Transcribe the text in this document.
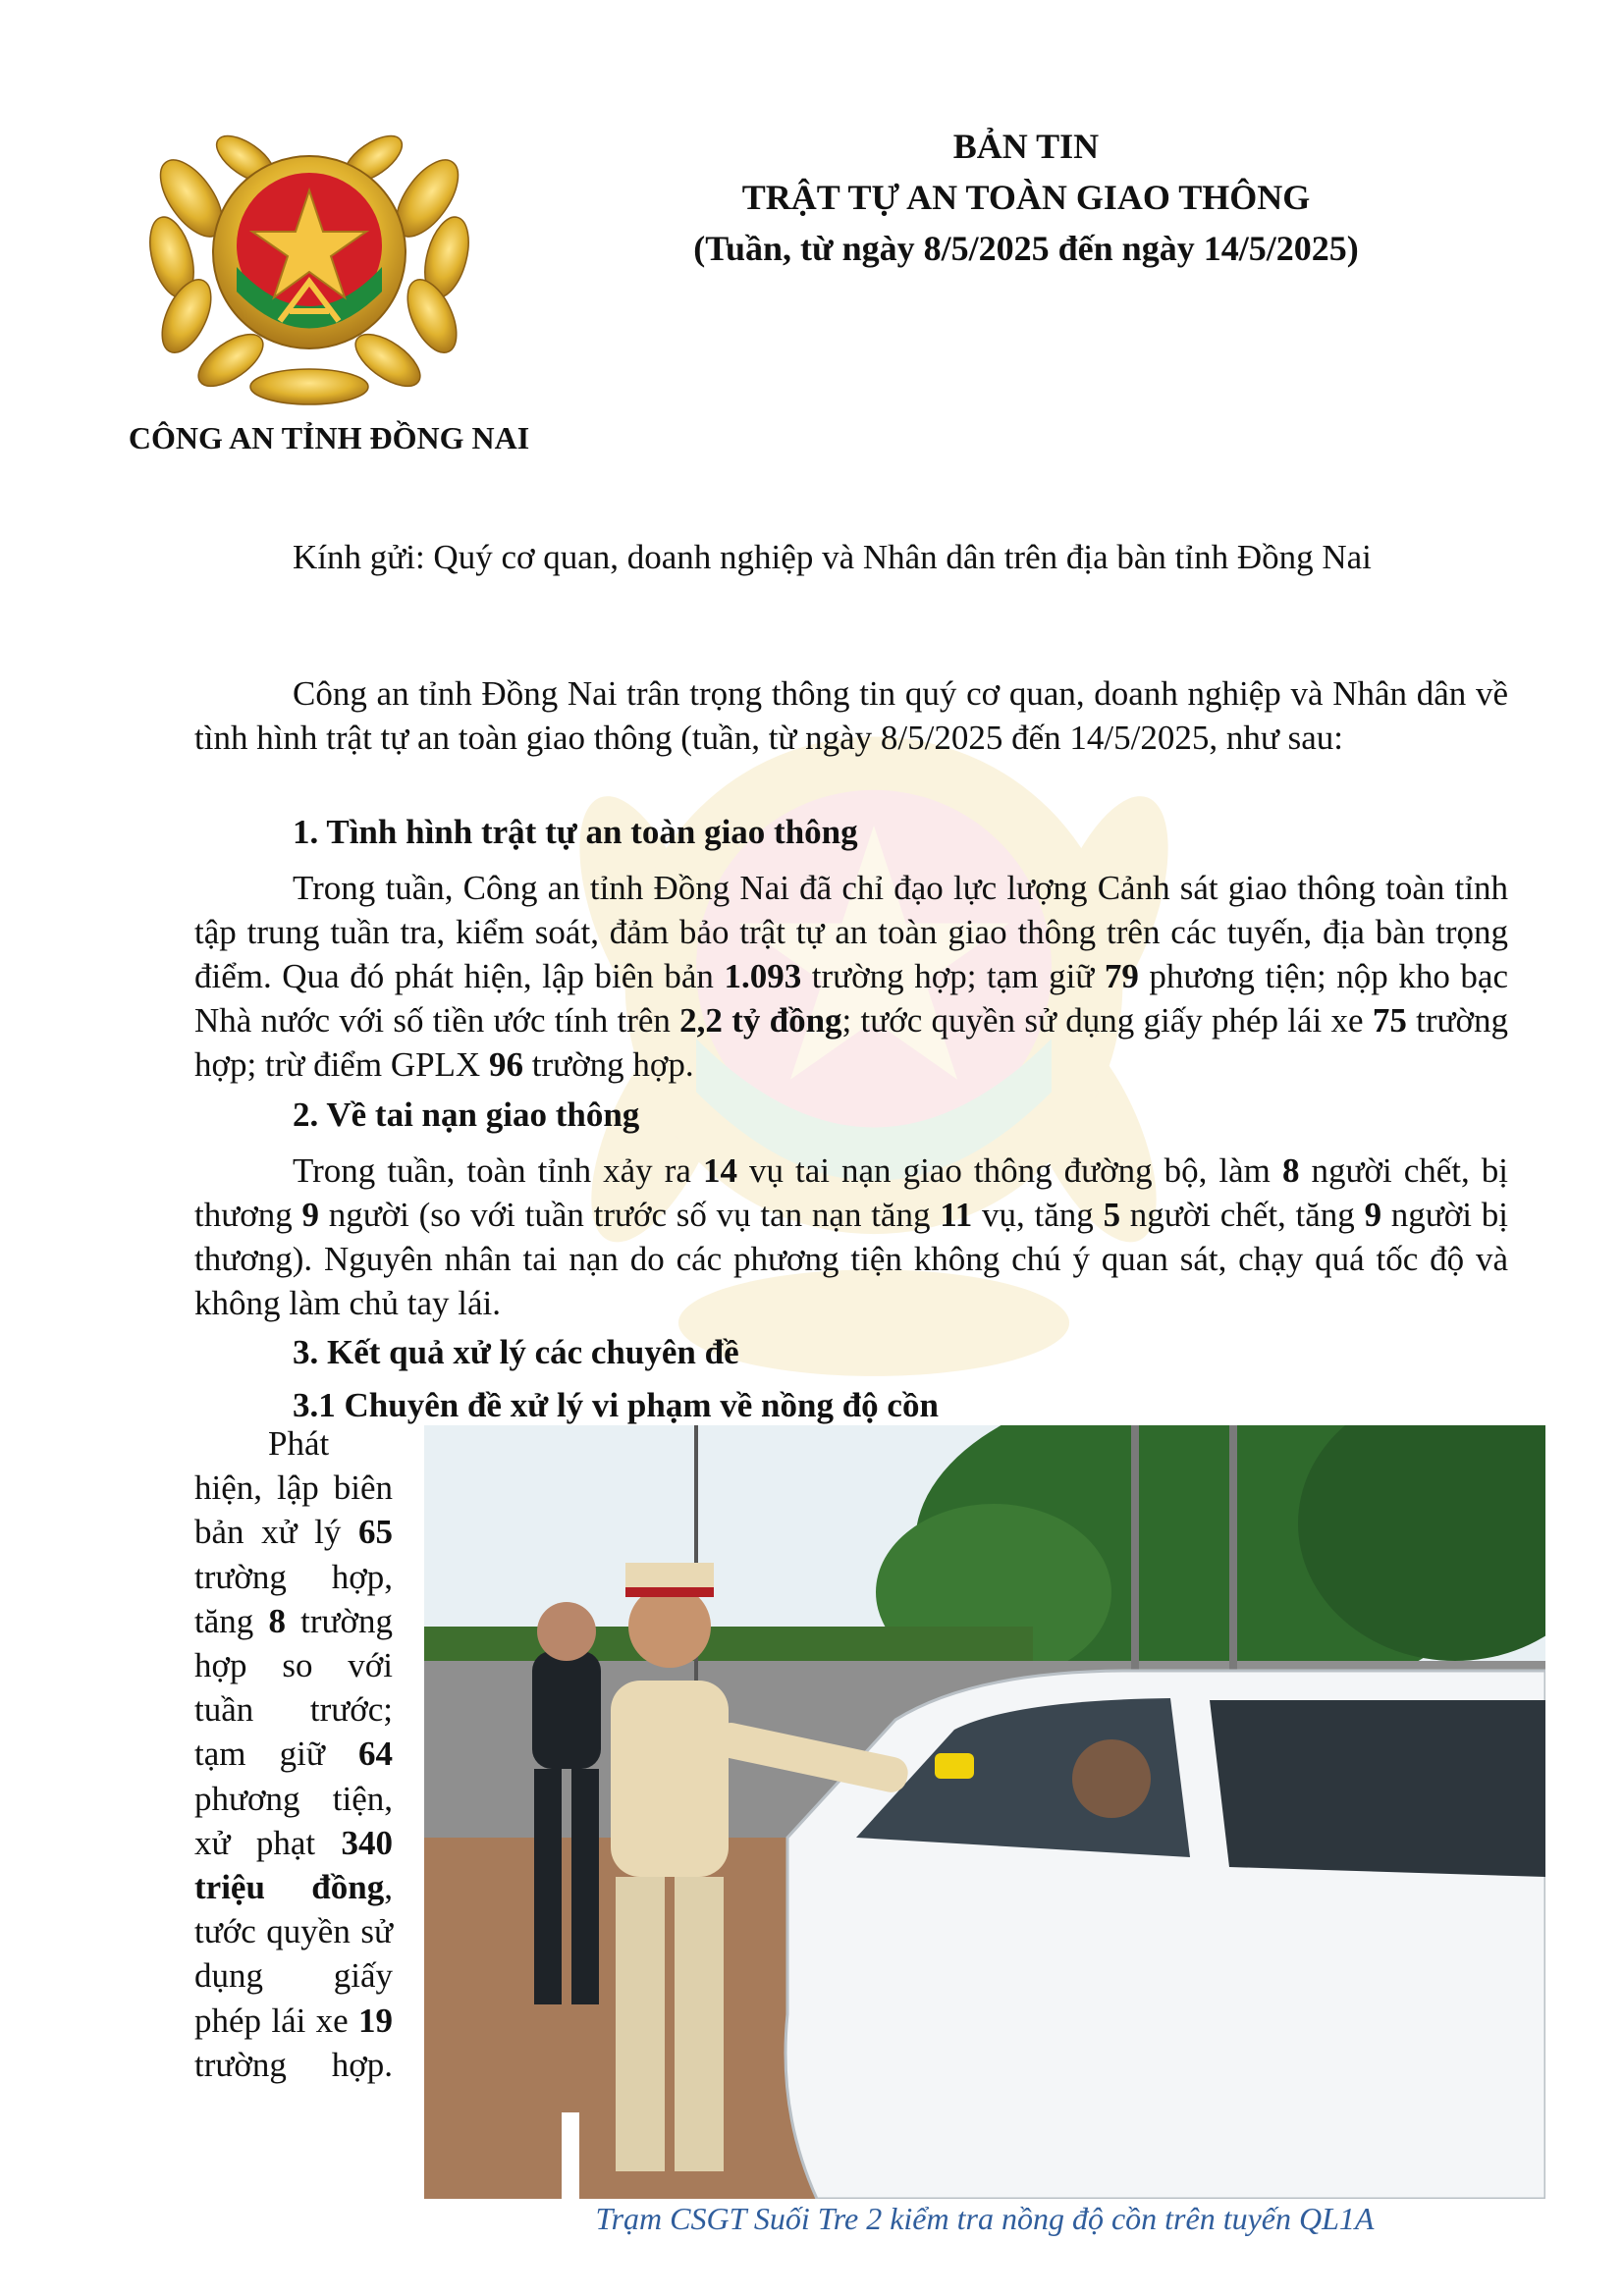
CÔNG AN TỈNH ĐỒNG NAI
BẢN TIN
TRẬT TỰ AN TOÀN GIAO THÔNG
(Tuần, từ ngày 8/5/2025 đến ngày 14/5/2025)
Kính gửi: Quý cơ quan, doanh nghiệp và Nhân dân trên địa bàn tỉnh Đồng Nai
Công an tỉnh Đồng Nai trân trọng thông tin quý cơ quan, doanh nghiệp và Nhân dân về tình hình trật tự an toàn giao thông (tuần, từ ngày 8/5/2025 đến 14/5/2025, như sau:
1. Tình hình trật tự an toàn giao thông
Trong tuần, Công an tỉnh Đồng Nai đã chỉ đạo lực lượng Cảnh sát giao thông toàn tỉnh tập trung tuần tra, kiểm soát, đảm bảo trật tự an toàn giao thông trên các tuyến, địa bàn trọng điểm. Qua đó phát hiện, lập biên bản 1.093 trường hợp; tạm giữ 79 phương tiện; nộp kho bạc Nhà nước với số tiền ước tính trên 2,2 tỷ đồng; tước quyền sử dụng giấy phép lái xe 75 trường hợp; trừ điểm GPLX 96 trường hợp.
2. Về tai nạn giao thông
Trong tuần, toàn tỉnh xảy ra 14 vụ tai nạn giao thông đường bộ, làm 8 người chết, bị thương 9 người (so với tuần trước số vụ tan nạn tăng 11 vụ, tăng 5 người chết, tăng 9 người bị thương). Nguyên nhân tai nạn do các phương tiện không chú ý quan sát, chạy quá tốc độ và không làm chủ tay lái.
3. Kết quả xử lý các chuyên đề
3.1 Chuyên đề xử lý vi phạm về nồng độ cồn
Phát hiện, lập biên bản xử lý 65 trường hợp, tăng 8 trường hợp so với tuần trước; tạm giữ 64 phương tiện, xử phạt 340 triệu đồng, tước quyền sử dụng giấy phép lái xe 19 trường hợp.
Trạm CSGT Suối Tre 2 kiểm tra nồng độ cồn trên tuyến QL1A
